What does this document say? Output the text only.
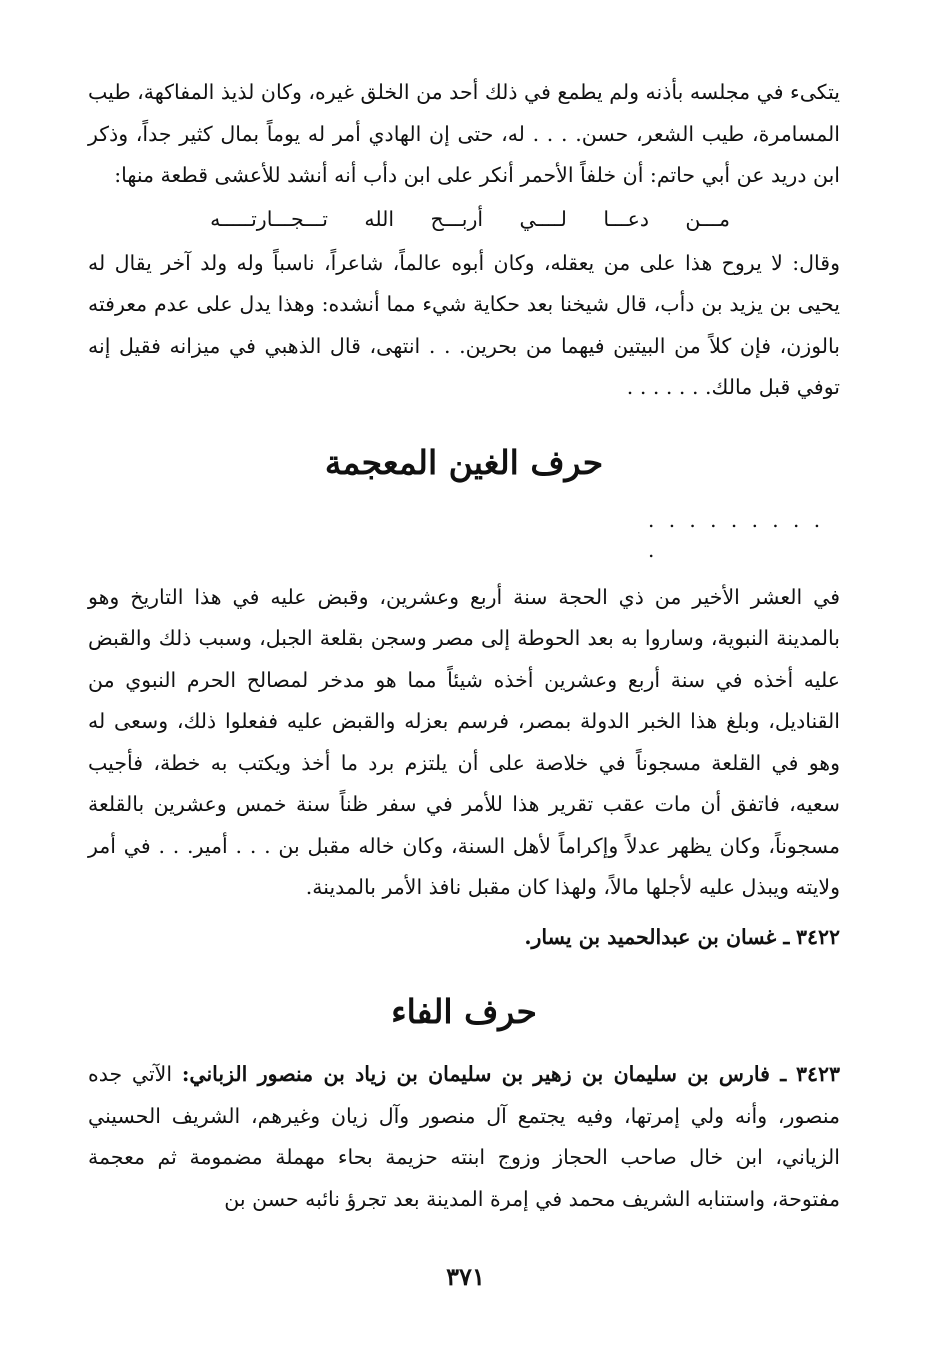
يتكىء في مجلسه بأذنه ولم يطمع في ذلك أحد من الخلق غيره، وكان لذيذ المفاكهة، طيب المسامرة، طيب الشعر، حسن. . . . له، حتى إن الهادي أمر له يوماً بمال كثير جداً، وذكر ابن دريد عن أبي حاتم: أن خلفاً الأحمر أنكر على ابن دأب أنه أنشد للأعشى قطعة منها:

مـــن
دعـــا
لــــي
أربـــح
الله
تـــجـــارتـــــه

وقال: لا يروح هذا على من يعقله، وكان أبوه عالماً، شاعراً، ناسباً وله ولد آخر يقال له يحيى بن يزيد بن دأب، قال شيخنا بعد حكاية شيء مما أنشده: وهذا يدل على عدم معرفته بالوزن، فإن كلاً من البيتين فيهما من بحرين. . . انتهى، قال الذهبي في ميزانه فقيل إنه توفي قبل مالك. . . . . . .

حرف الغين المعجمة
. . . . . . . . . .

في العشر الأخير من ذي الحجة سنة أربع وعشرين، وقبض عليه في هذا التاريخ وهو بالمدينة النبوية، وساروا به بعد الحوطة إلى مصر وسجن بقلعة الجبل، وسبب ذلك والقبض عليه أخذه في سنة أربع وعشرين أخذه شيئاً مما هو مدخر لمصالح الحرم النبوي من القناديل، وبلغ هذا الخبر الدولة بمصر، فرسم بعزله والقبض عليه ففعلوا ذلك، وسعى له وهو في القلعة مسجوناً في خلاصة على أن يلتزم برد ما أخذ ويكتب به خطة، فأجيب سعيه، فاتفق أن مات عقب تقرير هذا للأمر في سفر ظناً سنة خمس وعشرين بالقلعة مسجوناً، وكان يظهر عدلاً وإكراماً لأهل السنة، وكان خاله مقبل بن . . . أمير. . . في أمر ولايته ويبذل عليه لأجلها مالاً، ولهذا كان مقبل نافذ الأمر بالمدينة.

٣٤٢٢ ـ غسان بن عبدالحميد بن يسار.

حرف الفاء

٣٤٢٣ ـ فارس بن سليمان بن زهير بن سليمان بن زياد بن منصور الزباني: الآتي جده منصور، وأنه ولي إمرتها، وفيه يجتمع آل منصور وآل زيان وغيرهم، الشريف الحسيني الزياني، ابن خال صاحب الحجاز وزوج ابنته حزيمة بحاء مهملة مضمومة ثم معجمة مفتوحة، واستنابه الشريف محمد في إمرة المدينة بعد تجرؤ نائبه حسن بن

٣٧١
